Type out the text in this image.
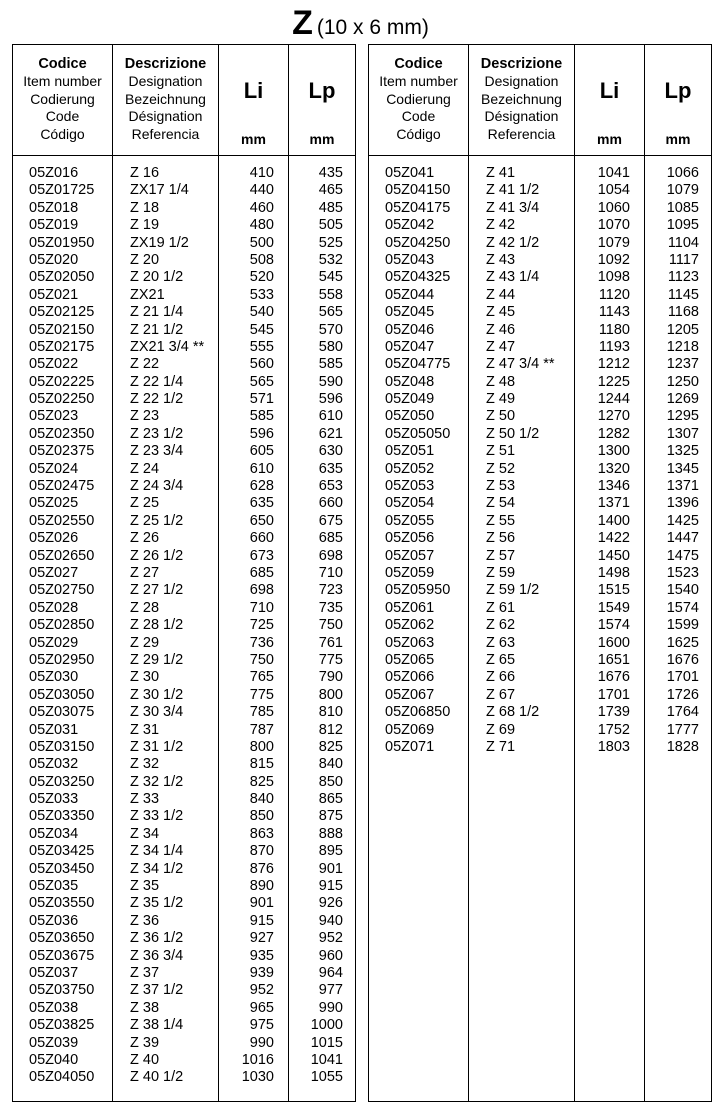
Z (10 x 6 mm)
Codice
Item number
Codierung
Code
Código
Descrizione
Designation
Bezeichnung
Désignation
Referencia
Li
mm
Lp
mm
05Z016	Z 16	410	435
05Z01725 ZX17 1/4	440	465
05Z018	Z 18	460	485
05Z019	Z 19	480	505
05Z01950 ZX19 1/2	500	525
05Z020	Z 20	508	532
05Z02050 Z 20 1/2	520	545
05Z021	ZX21	533	558
05Z02125 Z 21 1/4	540	565
05Z02150 Z 21 1/2	545	570
05Z02175 ZX21 3/4 **	555	580
05Z022	Z 22	560	585
05Z02225 Z 22 1/4	565	590
05Z02250 Z 22 1/2	571	596
05Z023	Z 23	585	610
05Z02350 Z 23 1/2	596	621
05Z02375 Z 23 3/4	605	630
05Z024	Z 24	610	635
05Z02475 Z 24 3/4	628	653
05Z025	Z 25	635	660
05Z02550 Z 25 1/2	650	675
05Z026	Z 26	660	685
05Z02650 Z 26 1/2	673	698
05Z027	Z 27	685	710
05Z02750 Z 27 1/2	698	723
05Z028	Z 28	710	735
05Z02850 Z 28 1/2	725	750
05Z029	Z 29	736	761
05Z02950 Z 29 1/2	750	775
05Z030	Z 30	765	790
05Z03050 Z 30 1/2	775	800
05Z03075 Z 30 3/4	785	810
05Z031	Z 31	787	812
05Z03150 Z 31 1/2	800	825
05Z032	Z 32	815	840
05Z03250 Z 32 1/2	825	850
05Z033	Z 33	840	865
05Z03350 Z 33 1/2	850	875
05Z034	Z 34	863	888
05Z03425 Z 34 1/4	870	895
05Z03450 Z 34 1/2	876	901
05Z035	Z 35	890	915
05Z03550 Z 35 1/2	901	926
05Z036	Z 36	915	940
05Z03650 Z 36 1/2	927	952
05Z03675 Z 36 3/4	935	960
05Z037	Z 37	939	964
05Z03750 Z 37 1/2	952	977
05Z038	Z 38	965	990
05Z03825 Z 38 1/4	975	1000
05Z039	Z 39	990	1015
05Z040	Z 40	1016	1041
05Z04050 Z 40 1/2	1030	1055
Codice
Item number
Codierung
Code
Código
Descrizione
Designation
Bezeichnung
Désignation
Referencia
Li
mm
Lp
mm
05Z041	Z 41	1041	1066
05Z04150 Z 41 1/2	1054	1079
05Z04175 Z 41 3/4	1060	1085
05Z042	Z 42	1070	1095
05Z04250 Z 42 1/2	1079	1104
05Z043	Z 43	1092	1117
05Z04325 Z 43 1/4	1098	1123
05Z044	Z 44	1120	1145
05Z045	Z 45	1143	1168
05Z046	Z 46	1180	1205
05Z047	Z 47	1193	1218
05Z04775 Z 47 3/4 **	1212	1237
05Z048	Z 48	1225	1250
05Z049	Z 49	1244	1269
05Z050	Z 50	1270	1295
05Z05050 Z 50 1/2	1282	1307
05Z051	Z 51	1300	1325
05Z052	Z 52	1320	1345
05Z053	Z 53	1346	1371
05Z054	Z 54	1371	1396
05Z055	Z 55	1400	1425
05Z056	Z 56	1422	1447
05Z057	Z 57	1450	1475
05Z059	Z 59	1498	1523
05Z05950 Z 59 1/2	1515	1540
05Z061	Z 61	1549	1574
05Z062	Z 62	1574	1599
05Z063	Z 63	1600	1625
05Z065	Z 65	1651	1676
05Z066	Z 66	1676	1701
05Z067	Z 67	1701	1726
05Z06850 Z 68 1/2	1739	1764
05Z069	Z 69	1752	1777
05Z071	Z 71	1803	1828
